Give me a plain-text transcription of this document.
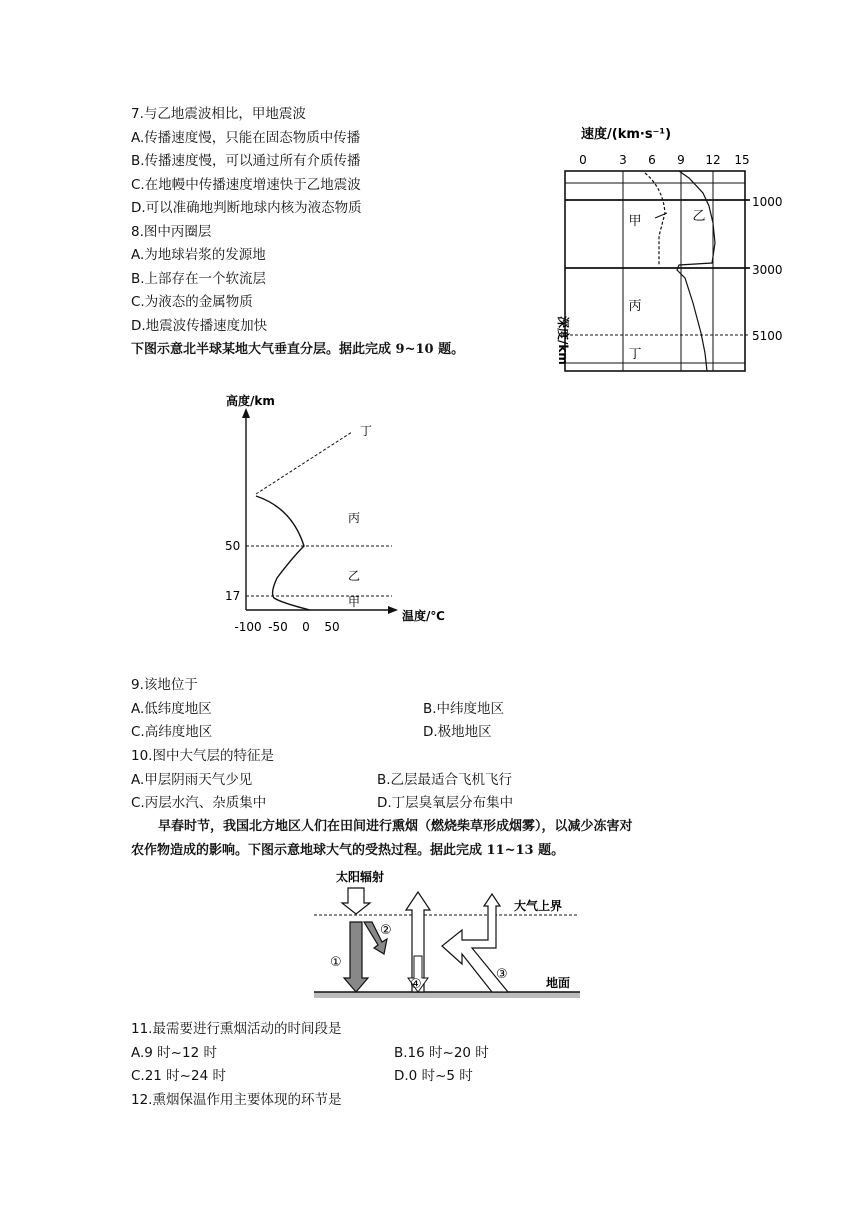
7.与乙地震波相比，甲地震波
A.传播速度慢，只能在固态物质中传播
B.传播速度慢，可以通过所有介质传播
C.在地幔中传播速度增速快于乙地震波
D.可以准确地判断地球内核为液态物质
8.图中丙圈层
A.为地球岩浆的发源地
B.上部存在一个软流层
C.为液态的金属物质
D.地震波传播速度加快
下图示意北半球某地大气垂直分层。据此完成 9~10 题。
速度/(km·s⁻¹)
0	3 6 9 12 15
甲	乙
丙
丁
1000
3000
5100
深度/km
高度/km
丁
丙
乙
甲
50
17
-100 -50 0 50
温度/℃
9.该地位于
A.低纬度地区	B.中纬度地区
C.高纬度地区	D.极地地区
10.图中大气层的特征是
A.甲层阴雨天气少见	B.乙层最适合飞机飞行
C.丙层水汽、杂质集中	D.丁层臭氧层分布集中
早春时节，我国北方地区人们在田间进行熏烟（燃烧柴草形成烟雾），以减少冻害对
农作物造成的影响。下图示意地球大气的受热过程。据此完成 11~13 题。
太阳辐射
大气上界
地面
①
②
③
④
11.最需要进行熏烟活动的时间段是
A.9 时~12 时	B.16 时~20 时
C.21 时~24 时	D.0 时~5 时
12.熏烟保温作用主要体现的环节是
